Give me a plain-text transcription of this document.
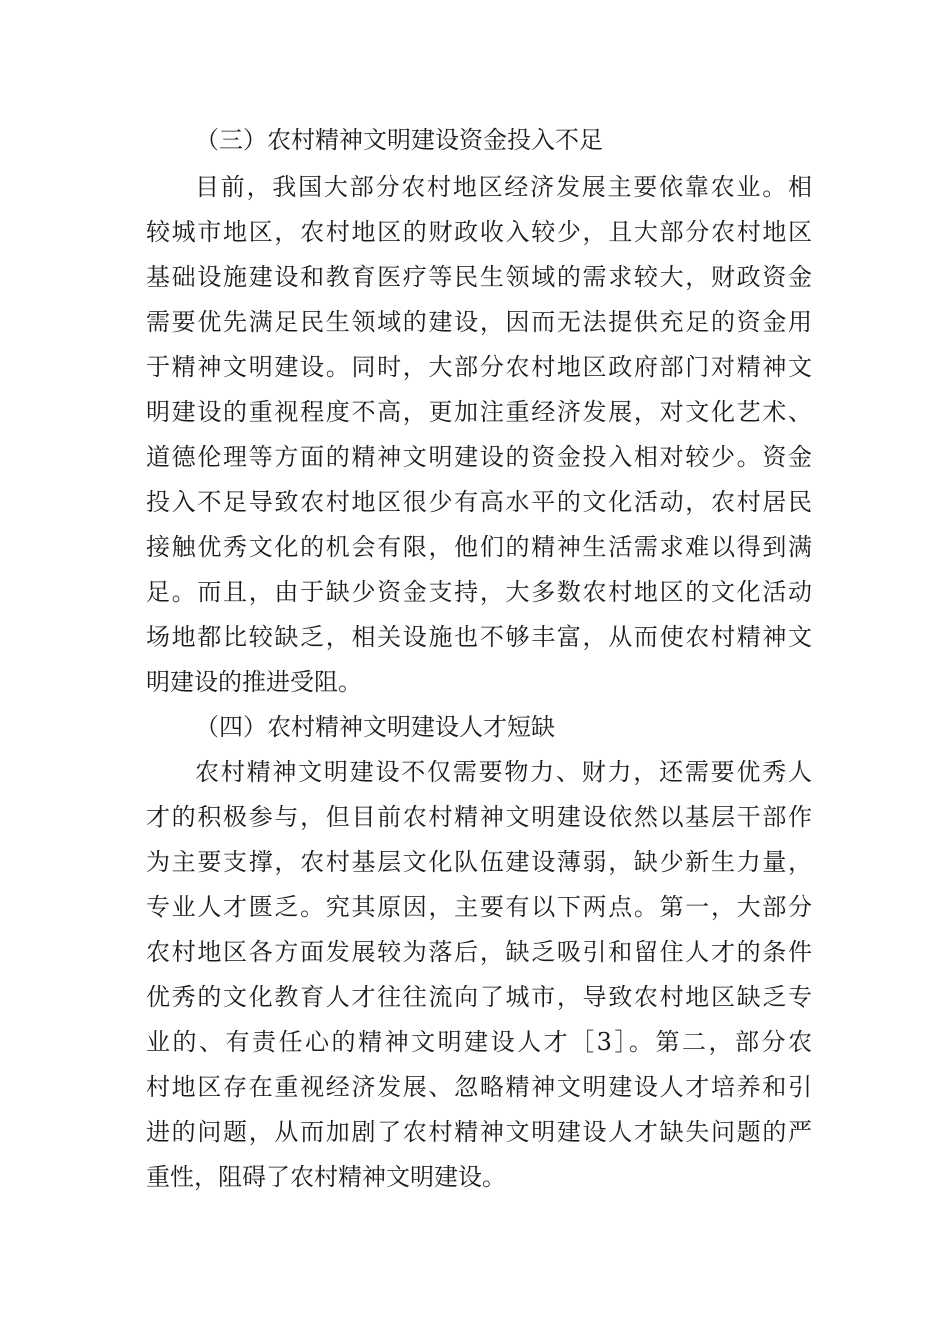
（三）农村精神文明建设资金投入不足
目前，我国大部分农村地区经济发展主要依靠农业。相
较城市地区，农村地区的财政收入较少，且大部分农村地区
基础设施建设和教育医疗等民生领域的需求较大，财政资金
需要优先满足民生领域的建设，因而无法提供充足的资金用
于精神文明建设。同时，大部分农村地区政府部门对精神文
明建设的重视程度不高，更加注重经济发展，对文化艺术、
道德伦理等方面的精神文明建设的资金投入相对较少。资金
投入不足导致农村地区很少有高水平的文化活动，农村居民
接触优秀文化的机会有限，他们的精神生活需求难以得到满
足。而且，由于缺少资金支持，大多数农村地区的文化活动
场地都比较缺乏，相关设施也不够丰富，从而使农村精神文
明建设的推进受阻。
（四）农村精神文明建设人才短缺
农村精神文明建设不仅需要物力、财力，还需要优秀人
才的积极参与，但目前农村精神文明建设依然以基层干部作
为主要支撑，农村基层文化队伍建设薄弱，缺少新生力量，
专业人才匮乏。究其原因，主要有以下两点。第一，大部分
农村地区各方面发展较为落后，缺乏吸引和留住人才的条件
优秀的文化教育人才往往流向了城市，导致农村地区缺乏专
业的、有责任心的精神文明建设人才［3］。第二，部分农
村地区存在重视经济发展、忽略精神文明建设人才培养和引
进的问题，从而加剧了农村精神文明建设人才缺失问题的严
重性，阻碍了农村精神文明建设。
